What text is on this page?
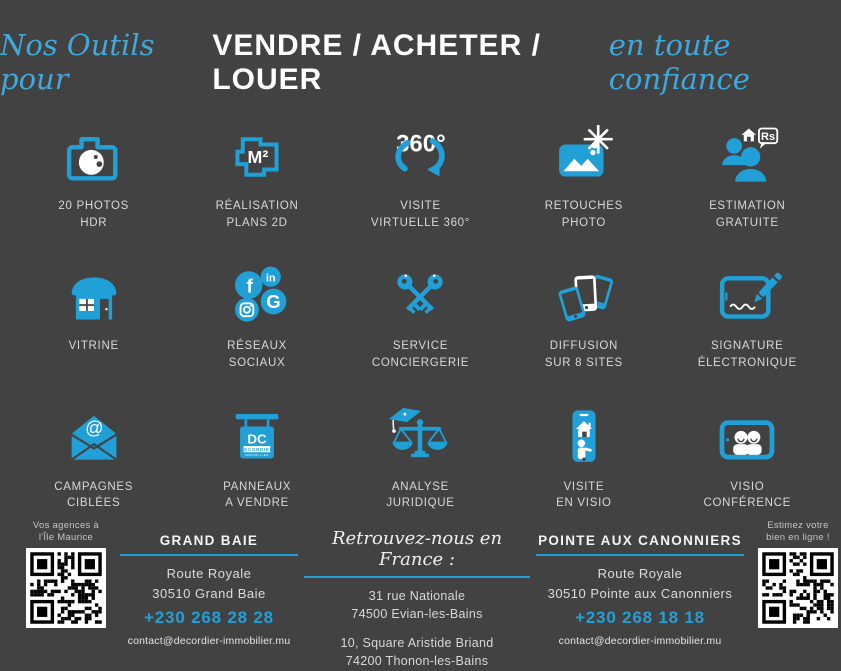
Nos Outils pour
VENDRE / ACHETER / LOUER
en toute confiance
20 PHOTOS
HDR
M²
RÉALISATION
PLANS 2D
360°
VISITE
VIRTUELLE 360°
RETOUCHES
PHOTO
Rs
ESTIMATION
GRATUITE
VITRINE
f in
G
RÉSEAUX
SOCIAUX
SERVICE
CONCIERGERIE
DIFFUSION
SUR 8 SITES
SIGNATURE
ÉLECTRONIQUE
@
CAMPAGNES
CIBLÉES
DC
DECORDIER
IMMOBILIER
PANNEAUX
A VENDRE
ANALYSE
JURIDIQUE
VISITE
EN VISIO
VISIO
CONFÉRENCE
Vos agences à
l'Île Maurice	GRAND BAIE
Route Royale
30510 Grand Baie
+230 268 28 28
contact@decordier-immobilier.mu
Retrouvez-nous en France :
31 rue Nationale
74500 Evian-les-Bains
10, Square Aristide Briand
74200 Thonon-les-Bains
POINTE AUX CANONNIERS
Route Royale
30510 Pointe aux Canonniers
+230 268 18 18
contact@decordier-immobilier.mu
Estimez votre
bien en ligne !
